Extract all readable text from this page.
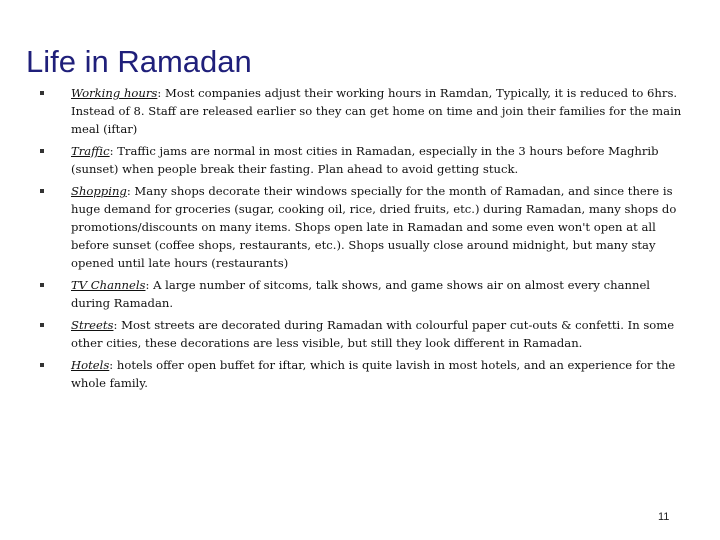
Life in Ramadan
Working hours: Most companies adjust their working hours in Ramdan, Typically, it is reduced to 6hrs. Instead of 8. Staff are released earlier so they can get home on time and join their families for the main meal (iftar)
Traffic: Traffic jams are normal in most cities in Ramadan, especially in the 3 hours before Maghrib (sunset) when people break their fasting. Plan ahead to avoid getting stuck.
Shopping: Many shops decorate their windows specially for the month of Ramadan, and since there is huge demand for groceries (sugar, cooking oil, rice, dried fruits, etc.) during Ramadan, many shops do promotions/discounts on many items. Shops open late in Ramadan and some even won't open at all before sunset (coffee shops, restaurants, etc.). Shops usually close around midnight, but many stay opened until late hours (restaurants)
TV Channels: A large number of sitcoms, talk shows, and game shows air on almost every channel during Ramadan.
Streets: Most streets are decorated during Ramadan with colourful paper cut-outs & confetti. In some other cities, these decorations are less visible, but still they look different in Ramadan.
Hotels: hotels offer open buffet for iftar, which is quite lavish in most hotels, and an experience for the whole family.
11
